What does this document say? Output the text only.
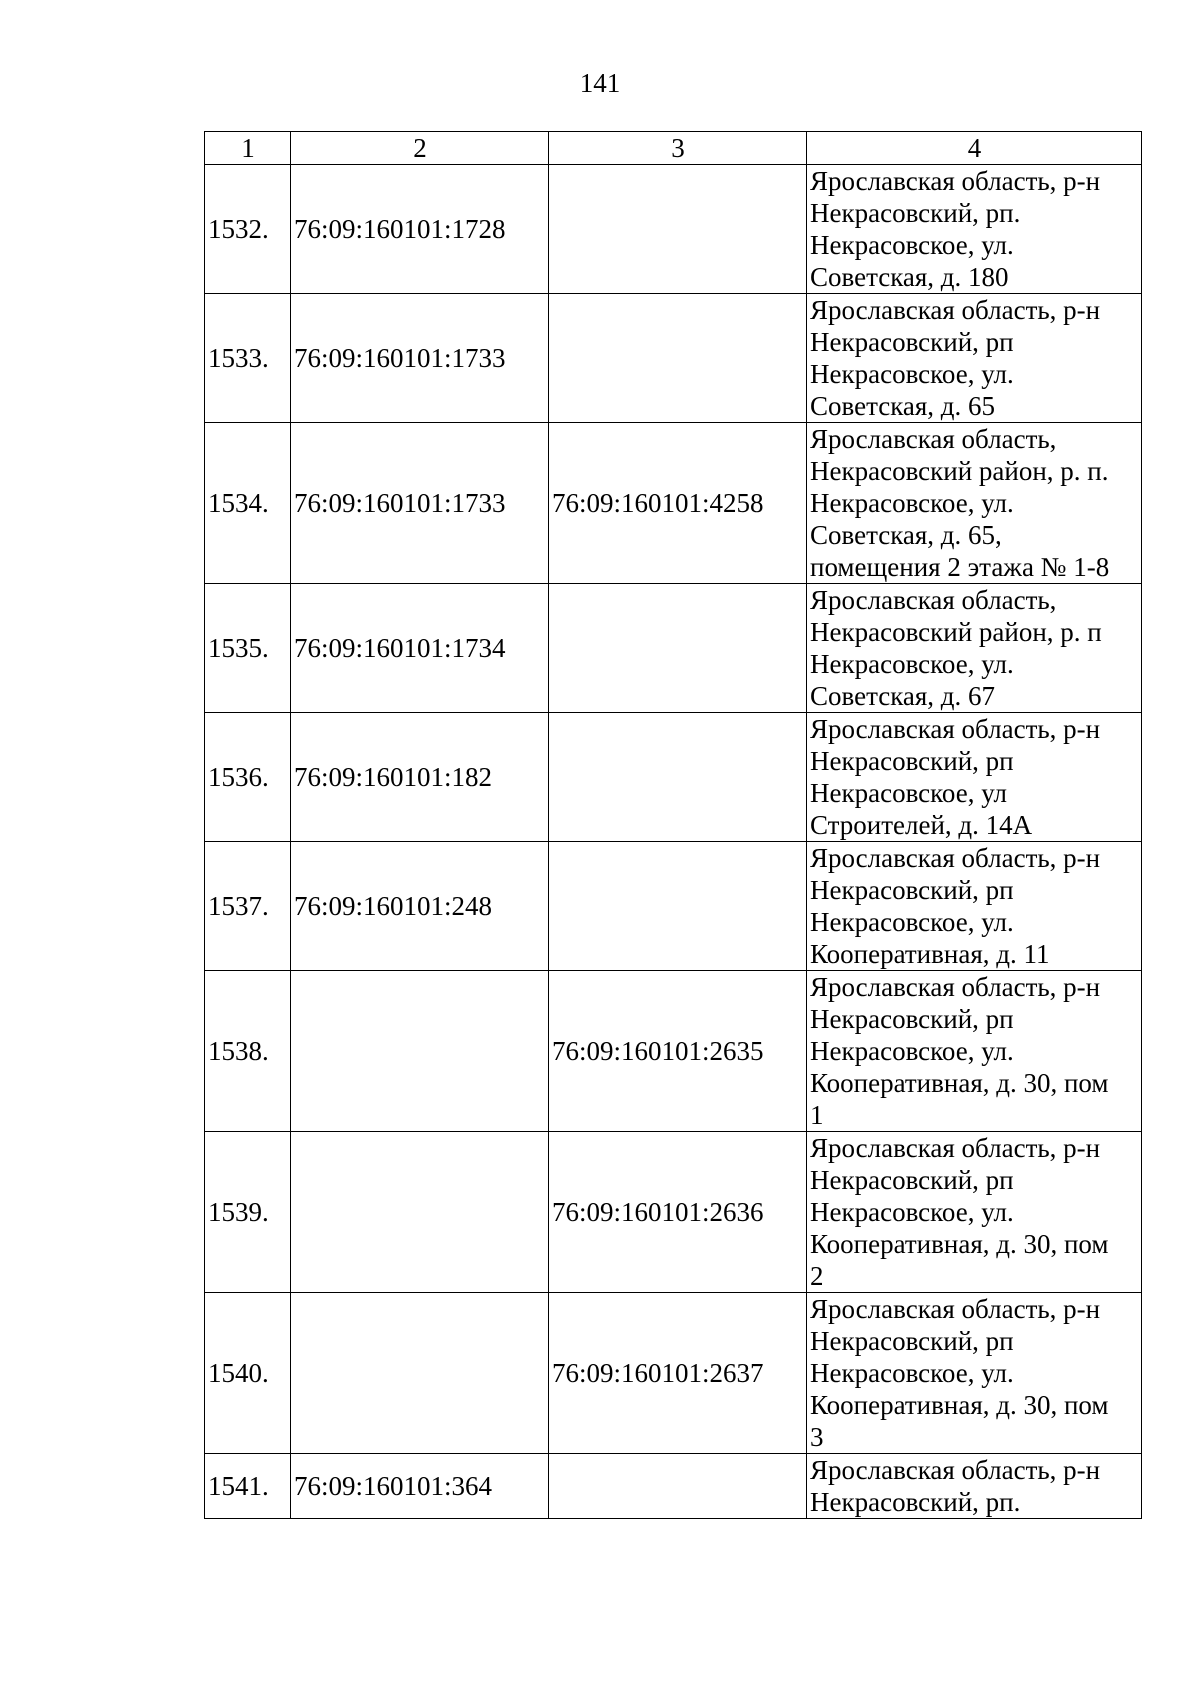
141
1	2	3	4
1532.	76:09:160101:1728		Ярославская область, р-н
Некрасовский, рп.
Некрасовское, ул.
Советская, д. 180
1533.	76:09:160101:1733		Ярославская область, р-н
Некрасовский, рп
Некрасовское, ул.
Советская, д. 65
1534.	76:09:160101:1733	76:09:160101:4258	Ярославская область,
Некрасовский район, р. п.
Некрасовское, ул.
Советская, д. 65,
помещения 2 этажа № 1-8
1535.	76:09:160101:1734		Ярославская область,
Некрасовский район, р. п
Некрасовское, ул.
Советская, д. 67
1536.	76:09:160101:182		Ярославская область, р-н
Некрасовский, рп
Некрасовское, ул
Строителей, д. 14А
1537.	76:09:160101:248		Ярославская область, р-н
Некрасовский, рп
Некрасовское, ул.
Кооперативная, д. 11
1538.		76:09:160101:2635	Ярославская область, р-н
Некрасовский, рп
Некрасовское, ул.
Кооперативная, д. 30, пом
1
1539.		76:09:160101:2636	Ярославская область, р-н
Некрасовский, рп
Некрасовское, ул.
Кооперативная, д. 30, пом
2
1540.		76:09:160101:2637	Ярославская область, р-н
Некрасовский, рп
Некрасовское, ул.
Кооперативная, д. 30, пом
3
1541.	76:09:160101:364		Ярославская область, р-н
Некрасовский, рп.
